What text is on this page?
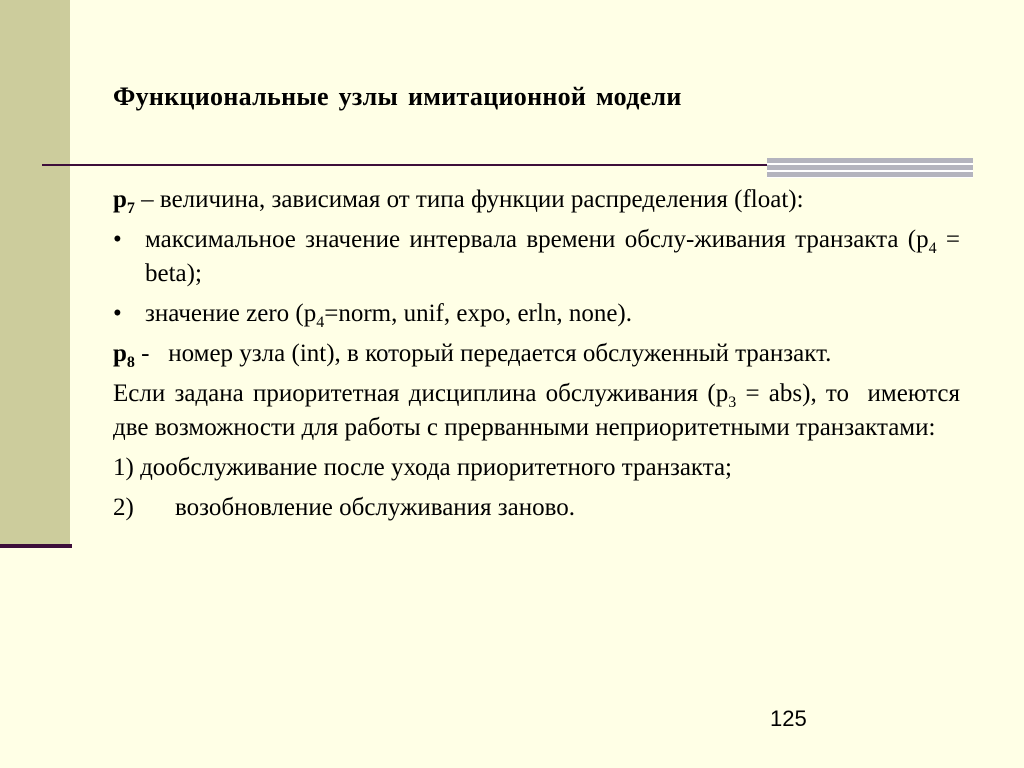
Функциональные узлы имитационной модели

$p_7$ – величина, зависимая от типа функции распределения (float):

• максимальное значение интервала времени обслу-живания транзакта ($p_4$ = beta);
• значение zero ($p_4=norm$, unif, expo, erln, none).

$p_8$ -   номер узла (int), в который передается обслуженный транзакт.

Если задана приоритетная дисциплина обслуживания $(p_3 = abs)$, то  имеются две возможности для работы с прерванными неприоритетными транзактами:

1) дообслуживание после ухода приоритетного транзакта;

2) возобновление обслуживания заново.

125
